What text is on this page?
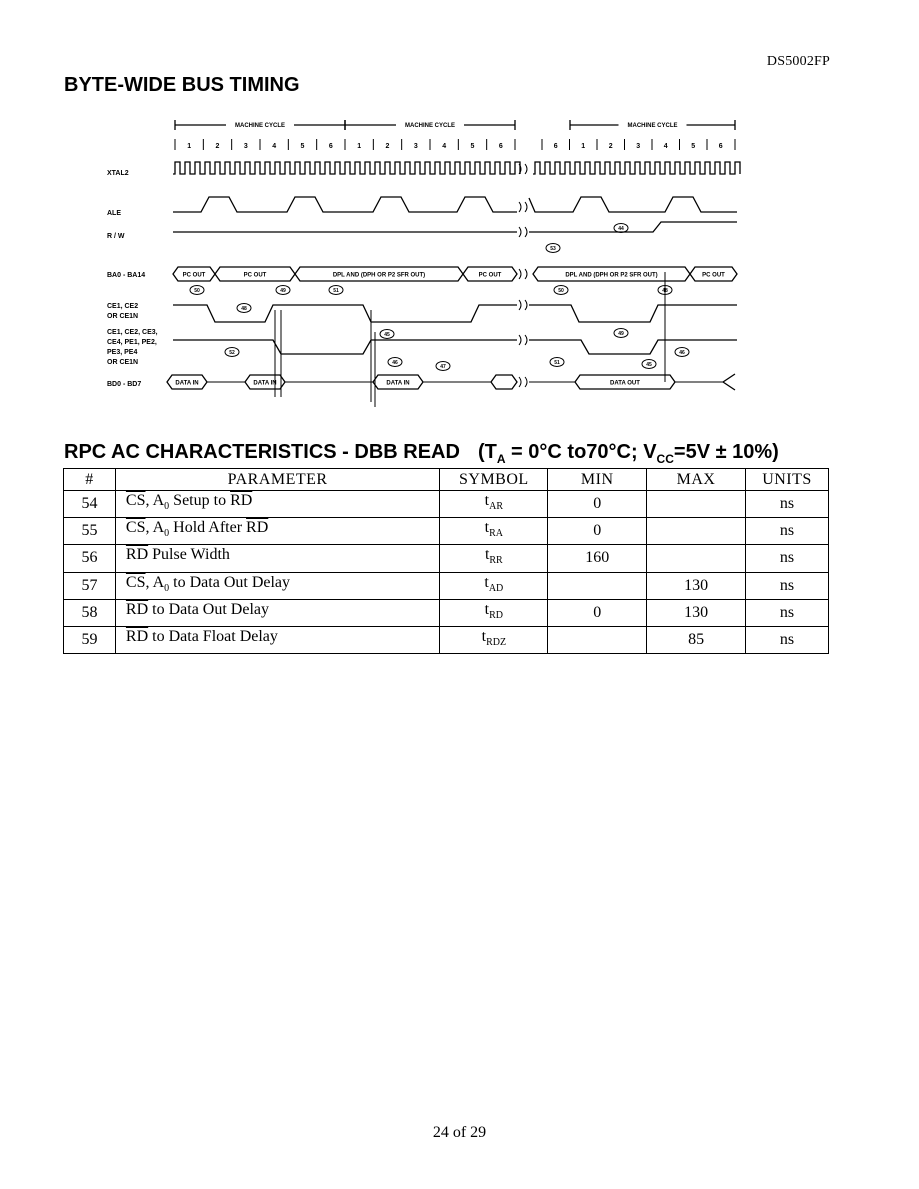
DS5002FP
BYTE-WIDE BUS TIMING
MACHINE CYCLE	MACHINE CYCLE	MACHINE CYCLE
1	2	3	4	5	6	1	2	3	4	5	6	6	1	2	3	4	5	6
XTAL2
ALE
R / W
BA0 - BA14
CE1, CE2
OR CE1N
CE1, CE2, CE3,
CE4, PE1, PE2,
PE3, PE4
OR CE1N
BD0 - BD7
PC OUT	PC OUT	DPL AND (DPH OR P2 SFR OUT)	PC OUT	DPL AND (DPH OR P2 SFR OUT)	PC OUT
DATA IN	DATA IN	DATA IN	DATA OUT
50
48
49	51
45
46
47
52
53
44
50	48
49
51	45
46
RPC AC CHARACTERISTICS - DBB READ ($T_A = 0^\circ C$ to70°C; $V_{CC}=5V \pm 10\%$)
#	PARAMETER	SYMBOL	MIN	MAX	UNITS
54	$\overline{CS}$, $A_0$ Setup to $\overline{RD}$	$t_{AR}$	0		ns
55	$\overline{CS}$, $A_0$ Hold After $\overline{RD}$	$t_{RA}$	0		ns
56	$\overline{RD}$ Pulse Width	$t_{RR}$	160		ns
57	$\overline{CS}$, $A_0$ to Data Out Delay	$t_{AD}$		130	ns
58	$\overline{RD}$ to Data Out Delay	$t_{RD}$	0	130	ns
59	$\overline{RD}$ to Data Float Delay	$t_{RDZ}$		85	ns
24 of 29
